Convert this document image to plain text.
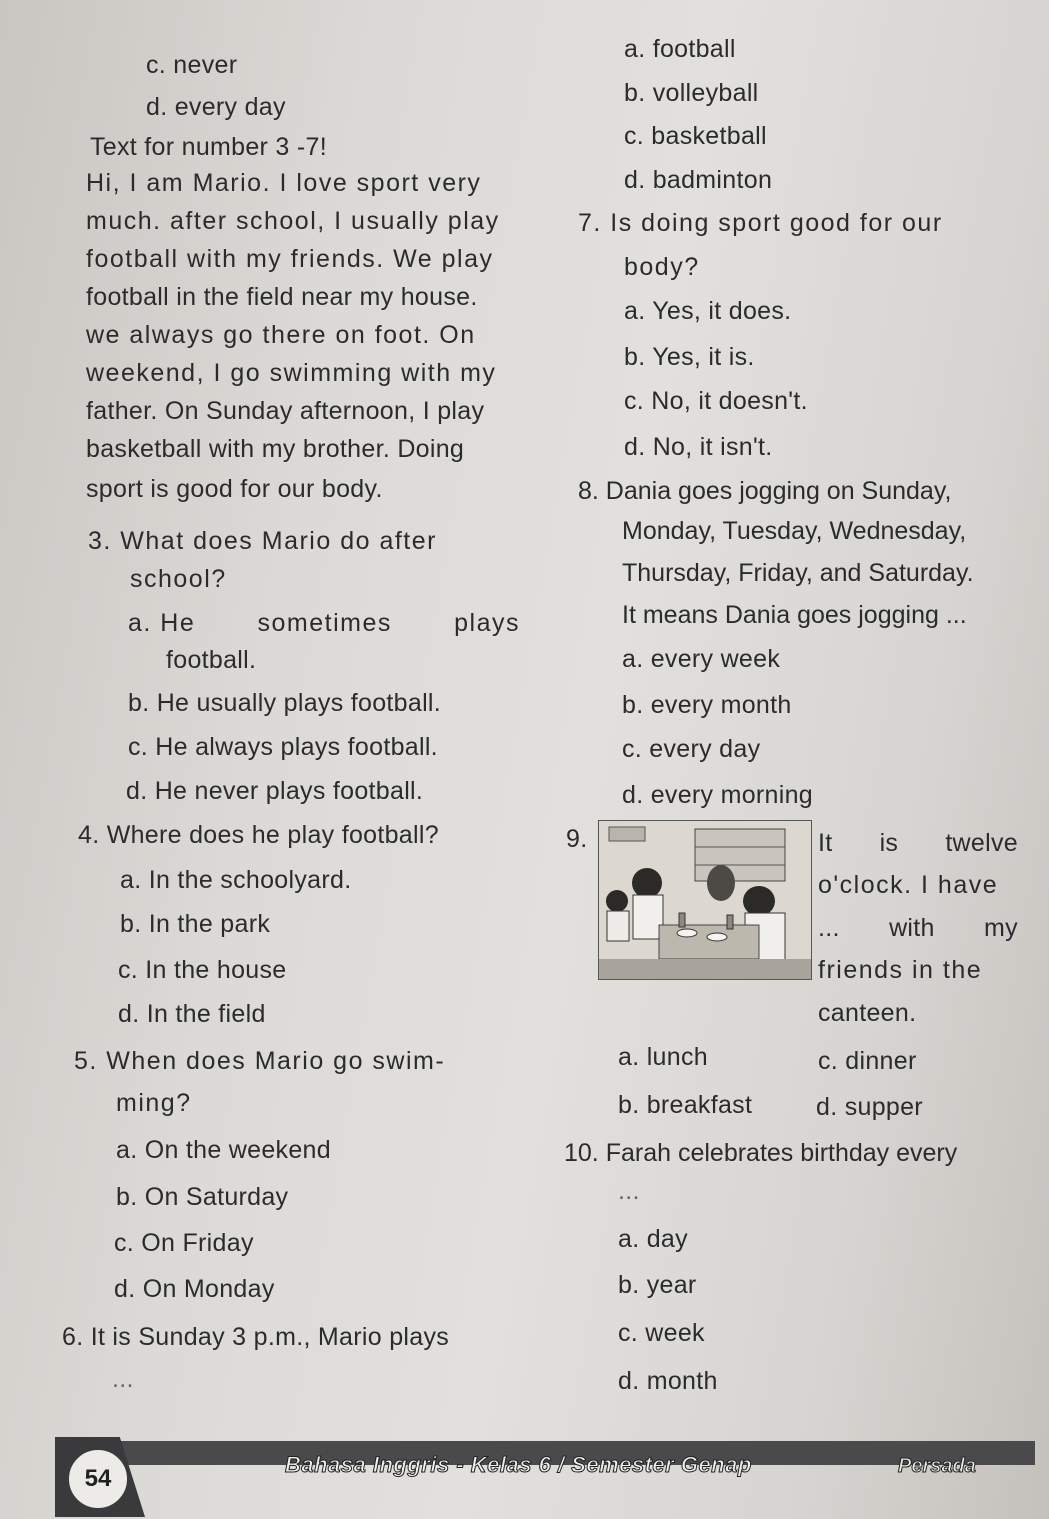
c. never
d. every day
a. football
b. volleyball
c. basketball
d. badminton
Text for number 3 -7!
Hi, I am Mario. I love sport very
much. after school, I usually play
football with my friends. We play
football in the field near my house.
we always go there on foot. On
weekend, I go swimming with my
father. On Sunday afternoon, I play
basketball with my brother. Doing
sport is good for our body.
3. What does Mario do after
school?
a. He sometimes plays
football.
b. He usually plays football.
c. He always plays football.
d. He never plays football.
4. Where does he play football?
a. In the schoolyard.
b. In the park
c. In the house
d. In the field
5. When does Mario go swim-
ming?
a. On the weekend
b. On Saturday
c. On Friday
d. On Monday
6. It is Sunday 3 p.m., Mario plays
...
7. Is doing sport good for our
body?
a. Yes, it does.
b. Yes, it is.
c. No, it doesn't.
d. No, it isn't.
8. Dania goes jogging on Sunday,
Monday, Tuesday, Wednesday,
Thursday, Friday, and Saturday.
It means Dania goes jogging ...
a. every week
b. every month
c. every day
d. every morning
9.	It is twelve
o'clock. I have
... with my
friends in the
canteen.
a. lunch
b. breakfast
c. dinner
d. supper
10. Farah celebrates birthday every
...
a. day
b. year
c. week
d. month
54
Bahasa Inggris - Kelas 6 / Semester Genap	Persada
